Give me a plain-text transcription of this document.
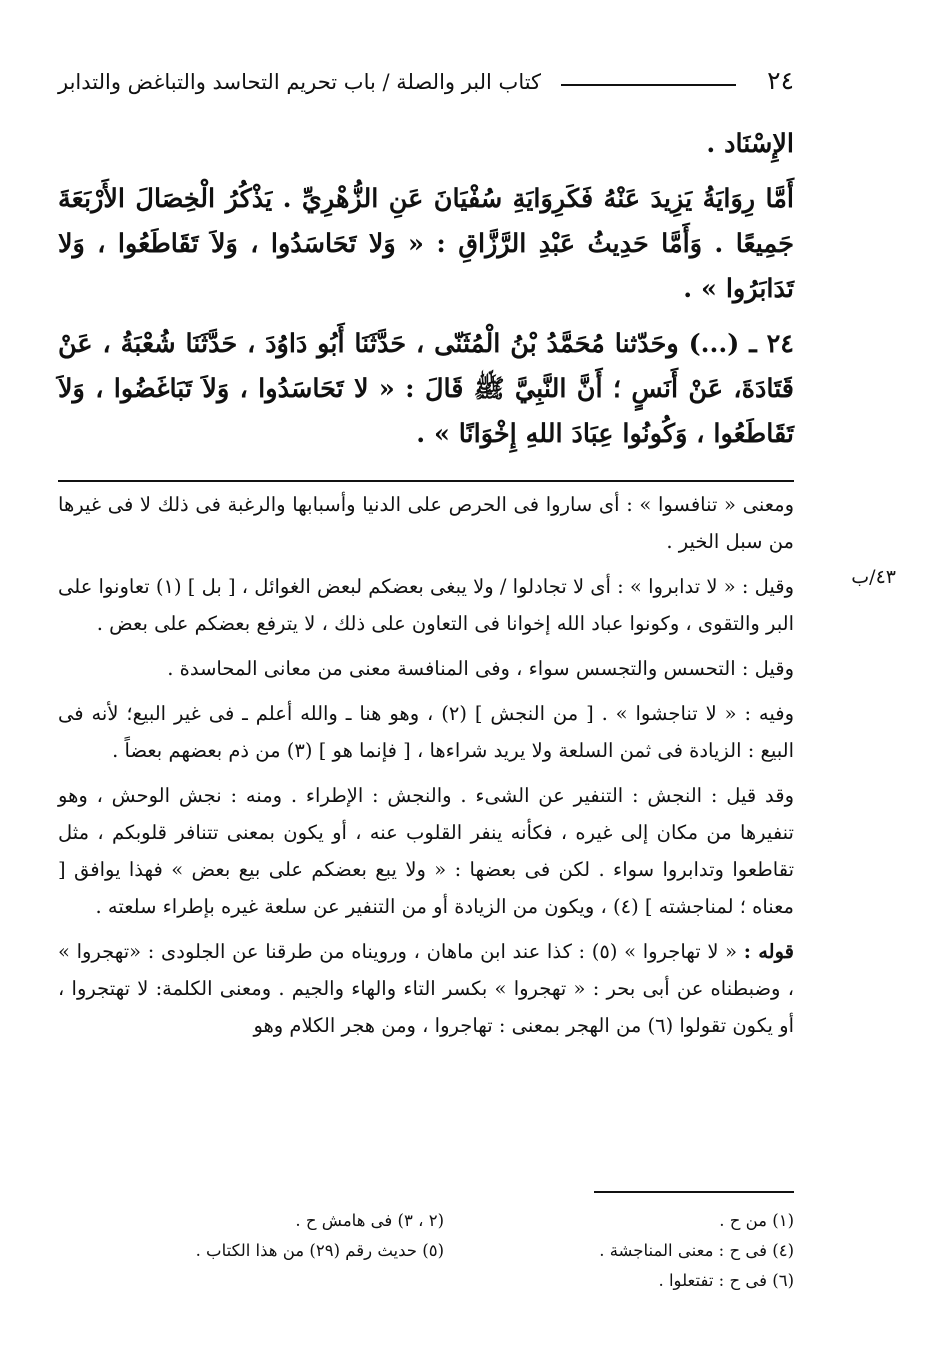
٢٤
كتاب البر والصلة / باب تحريم التحاسد والتباغض والتدابر

الإِسْنَاد .

أَمَّا رِوَايَةُ يَزِيدَ عَنْهُ فَكَرِوَايَةِ سُفْيَانَ عَنِ الزُّهْرِيِّ . يَذْكُرُ الْخِصَالَ الأَرْبَعَةَ جَمِيعًا . وَأَمَّا حَدِيثُ عَبْدِ الرَّزَّاقِ : « وَلا تَحَاسَدُوا ، وَلاَ تَقَاطَعُوا ، وَلا تَدَابَرُوا » .

٢٤ ـ (...) وحَدّثنا مُحَمَّدُ بْنُ الْمُثَنّى ، حَدَّثَنَا أَبُو دَاوُدَ ، حَدَّثَنَا شُعْبَةُ ، عَنْ قَتَادَةَ، عَنْ أَنَسٍ ؛ أَنَّ النَّبِيَّ ﷺ قَالَ : « لا تَحَاسَدُوا ، وَلاَ تَبَاغَضُوا ، وَلاَ تَقَاطَعُوا ، وَكُونُوا عِبَادَ اللهِ إِخْوَانًا » .

٤٣/ب

ومعنى « تنافسوا » : أى ساروا فى الحرص على الدنيا وأسبابها والرغبة فى ذلك لا فى غيرها من سبل الخير .

وقيل : « لا تدابروا » : أى لا تجادلوا / ولا يبغى بعضكم لبعض الغوائل ، [ بل ] (١) تعاونوا على البر والتقوى ، وكونوا عباد الله إخوانا فى التعاون على ذلك ، لا يترفع بعضكم على بعض .

وقيل : التحسس والتجسس سواء ، وفى المنافسة معنى من معانى المحاسدة .

وفيه : « لا تناجشوا » . [ من النجش ] (٢) ، وهو هنا ـ والله أعلم ـ فى غير البيع؛ لأنه فى البيع : الزيادة فى ثمن السلعة ولا يريد شراءها ، [ فإنما هو ] (٣) من ذم بعضهم بعضاً .

وقد قيل : النجش : التنفير عن الشىء . والنجش : الإطراء . ومنه : نجش الوحش ، وهو تنفيرها من مكان إلى غيره ، فكأنه ينفر القلوب عنه ، أو يكون بمعنى تتنافر قلوبكم ، مثل تقاطعوا وتدابروا سواء . لكن فى بعضها : « ولا يبع بعضكم على بيع بعض » فهذا يوافق [ معناه ؛ لمناجشته ] (٤) ، ويكون من الزيادة أو من التنفير عن سلعة غيره بإطراء سلعته .

قوله : « لا تهاجروا » (٥) : كذا عند ابن ماهان ، ورويناه من طرقنا عن الجلودى : «تهجروا » ، وضبطناه عن أبى بحر : « تهجروا » بكسر التاء والهاء والجيم . ومعنى الكلمة: لا تهتجروا ، أو يكون تقولوا (٦) من الهجر بمعنى : تهاجروا ، ومن هجر الكلام وهو

(١) من ح .
(٢ ، ٣) فى هامش ح .
(٤) فى ح : معنى المناجشة .
(٥) حديث رقم (٢٩) من هذا الكتاب .
(٦) فى ح : تفتعلوا .
